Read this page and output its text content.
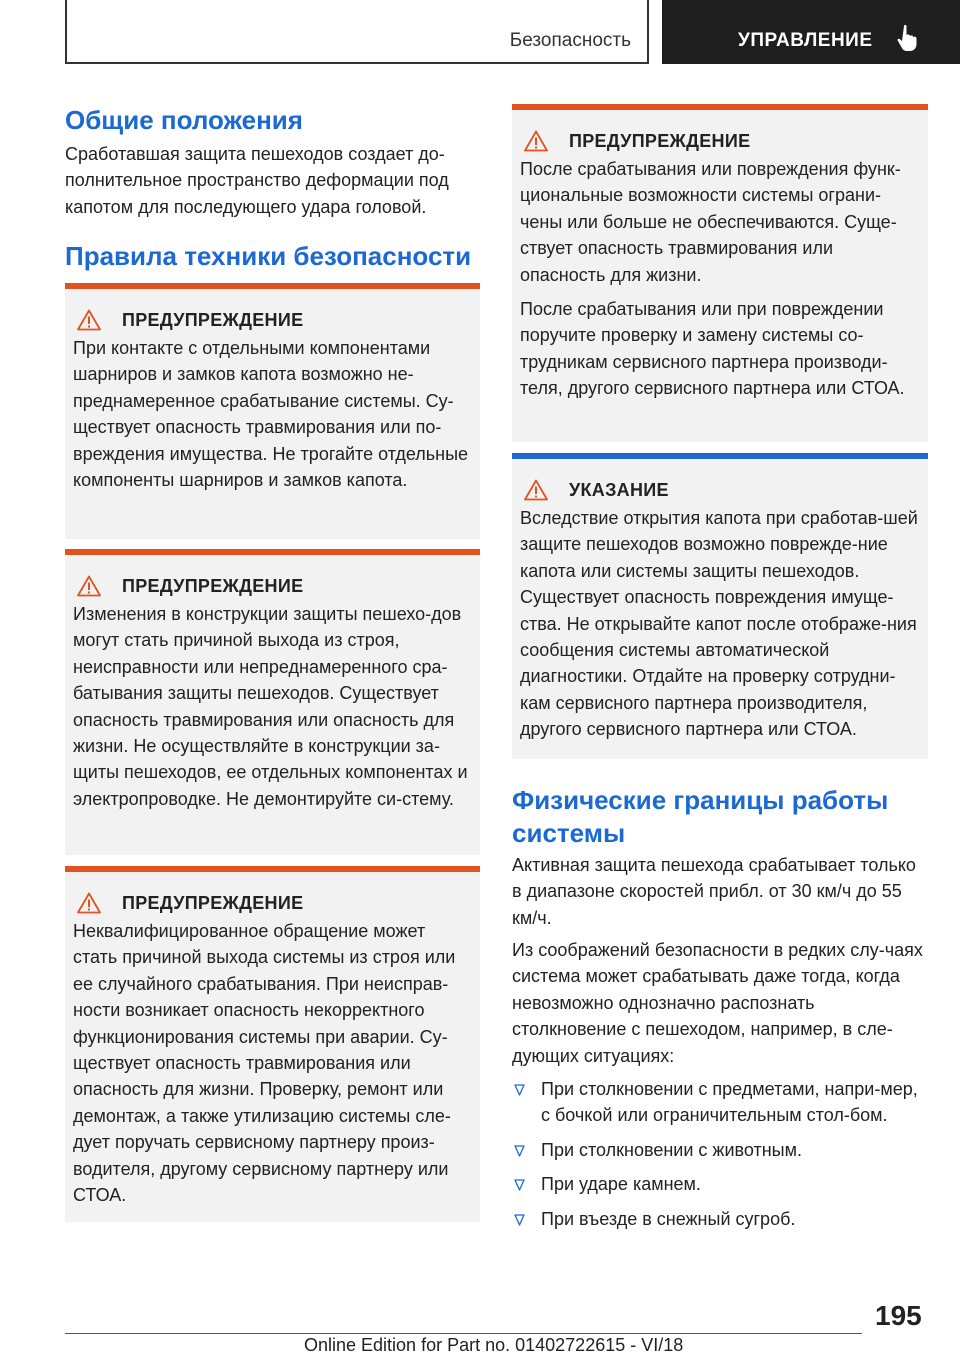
Безопасность	УПРАВЛЕНИЕ
Общие положения

Сработавшая защита пешеходов создает до-полнительное пространство деформации под капотом для последующего удара головой.

Правила техники безопасности
ПРЕДУПРЕЖДЕНИЕ

При контакте с отдельными компонентами шарниров и замков капота возможно не-преднамеренное срабатывание системы. Су-ществует опасность травмирования или по-вреждения имущества. Не трогайте отдельные компоненты шарниров и замков капота.

ПРЕДУПРЕЖДЕНИЕ

Изменения в конструкции защиты пешехо-дов могут стать причиной выхода из строя, неисправности или непреднамеренного сра-батывания защиты пешеходов. Существует опасность травмирования или опасность для жизни. Не осуществляйте в конструкции за-щиты пешеходов, ее отдельных компонентах и электропроводке. Не демонтируйте си-стему.

ПРЕДУПРЕЖДЕНИЕ

Неквалифицированное обращение может стать причиной выхода системы из строя или ее случайного срабатывания. При неисправ-ности возникает опасность некорректного функционирования системы при аварии. Су-ществует опасность травмирования или опасность для жизни. Проверку, ремонт или демонтаж, а также утилизацию системы сле-дует поручать сервисному партнеру произ-водителя, другому сервисному партнеру или СТОА.

ПРЕДУПРЕЖДЕНИЕ

После срабатывания или повреждения функ-циональные возможности системы ограни-чены или больше не обеспечиваются. Суще-ствует опасность травмирования или опасность для жизни.

После срабатывания или при повреждении поручите проверку и замену системы со-трудникам сервисного партнера производи-теля, другого сервисного партнера или СТОА.

УКАЗАНИЕ

Вследствие открытия капота при сработав-шей защите пешеходов возможно поврежде-ние капота или системы защиты пешеходов. Существует опасность повреждения имуще-ства. Не открывайте капот после отображе-ния сообщения системы автоматической диагностики. Отдайте на проверку сотрудни-кам сервисного партнера производителя, другого сервисного партнера или СТОА.

Физические границы работы системы

Активная защита пешехода срабатывает только в диапазоне скоростей прибл. от 30 км/ч до 55 км/ч.

Из соображений безопасности в редких слу-чаях система может срабатывать даже тогда, когда невозможно однозначно распознать столкновение с пешеходом, например, в сле-дующих ситуациях:

При столкновении с предметами, напри-мер, с бочкой или ограничительным стол-бом.
При столкновении с животным.
При ударе камнем.
При въезде в снежный сугроб.
195
Online Edition for Part no. 01402722615 - VI/18
